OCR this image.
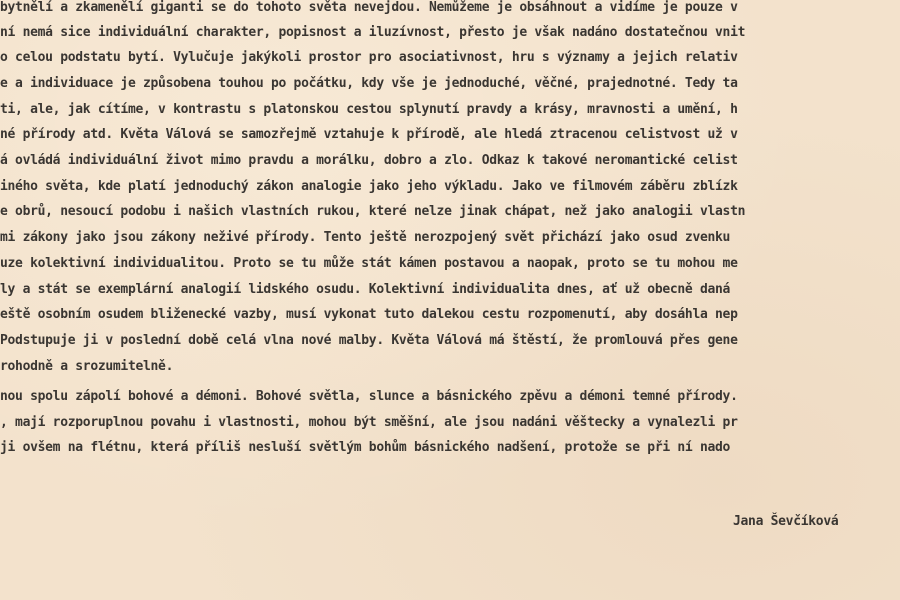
bytnělí a zkamenělí giganti se do tohoto světa nevejdou. Nemůžeme je obsáhnout a vidíme je pouze v
ní nemá sice individuální charakter, popisnost a iluzívnost, přesto je však nadáno dostatečnou vnit
o celou podstatu bytí. Vylučuje jakýkoli prostor pro asociativnost, hru s významy a jejich relativ
e a individuace je způsobena touhou po počátku, kdy vše je jednoduché, věčné, prajednotné. Tedy ta
ti, ale, jak cítíme, v kontrastu s platonskou cestou splynutí pravdy a krásy, mravnosti a umění, h
né přírody atd. Květa Válová se samozřejmě vztahuje k přírodě, ale hledá ztracenou celistvost už v
á ovládá individuální život mimo pravdu a morálku, dobro a zlo. Odkaz k takové neromantické celist
iného světa, kde platí jednoduchý zákon analogie jako jeho výkladu. Jako ve filmovém záběru zblízk
e obrů, nesoucí podobu i našich vlastních rukou, které nelze jinak chápat, než jako analogii vlastn
mi zákony jako jsou zákony neživé přírody. Tento ještě nerozpojený svět přichází jako osud zvenku
uze kolektivní individualitou. Proto se tu může stát kámen postavou a naopak, proto se tu mohou me
ly a stát se exemplární analogií lidského osudu. Kolektivní individualita dnes, ať už obecně daná
eště osobním osudem bliženecké vazby, musí vykonat tuto dalekou cestu rozpomenutí, aby dosáhla nep
Podstupuje ji v poslední době celá vlna nové malby. Květa Válová má štěstí, že promlouvá přes gene
rohodně a srozumitelně.
nou spolu zápolí bohové a démoni. Bohové světla, slunce a básnického zpěvu a démoni temné přírody.
, mají rozporuplnou povahu i vlastnosti, mohou být směšní, ale jsou nadáni věštecky a vynalezli pr
ji ovšem na flétnu, která příliš nesluší světlým bohům básnického nadšení, protože se při ní nado
Jana Ševčíková
